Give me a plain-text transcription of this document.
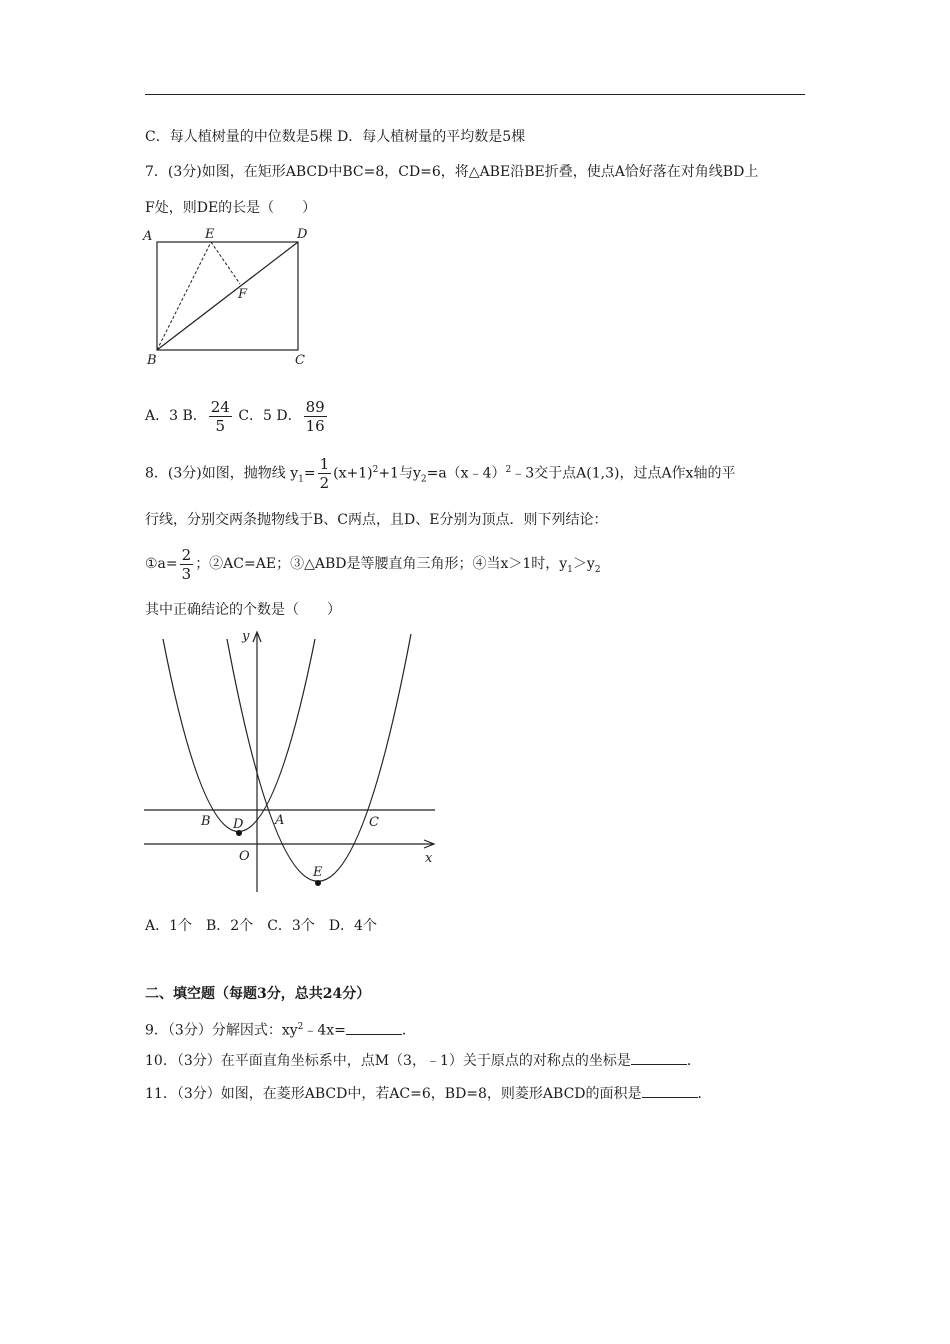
C．每人植树量的中位数是5棵 D．每人植树量的平均数是5棵
7．(3分)如图，在矩形ABCD中BC=8，CD=6，将△ABE沿BE折叠，使点A恰好落在对角线BD上
F处，则DE的长是（　　）
A	E	D
F
B	C
A．3 B． $\frac{24}{5}$ C．5 D． $\frac{89}{16}$
8．(3分)如图，抛物线 $y_1= \frac{1}{2} (x+1)^2+1$与$y_2=a(x﹣4)^2﹣3$交于点A(1,3)，过点A作x轴的平
行线，分别交两条抛物线于B、C两点，且D、E分别为顶点．则下列结论：
①a= $\frac{2}{3}$ ；②AC=AE；③△ABD是等腰直角三角形；④当x＞1时，$y_1>y_2$
其中正确结论的个数是（　　）
y
x
B D A	C
O
E
A．1个　B．2个　C．3个　D．4个
二、填空题（每题3分，总共24分）
9．（3分）分解因式：$xy^2﹣4x=$	．
10．（3分）在平面直角坐标系中，点M（3，﹣1）关于原点的对称点的坐标是	．
11．（3分）如图，在菱形ABCD中，若AC=6，BD=8，则菱形ABCD的面积是	．
